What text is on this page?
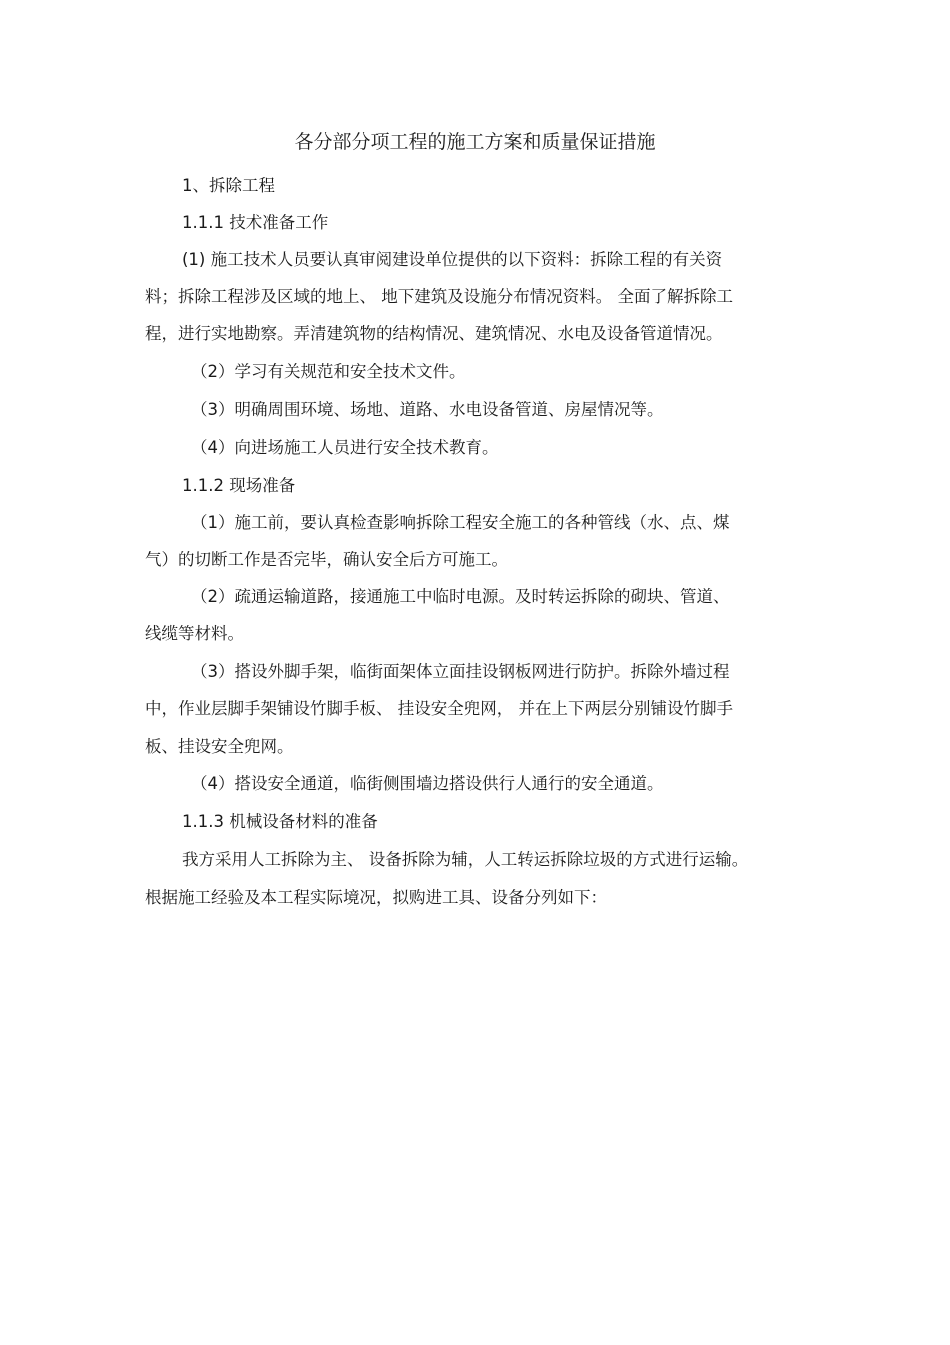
各分部分项工程的施工方案和质量保证措施
1、拆除工程
1.1.1 技术准备工作
(1) 施工技术人员要认真审阅建设单位提供的以下资料：拆除工程的有关资
料；拆除工程涉及区域的地上、 地下建筑及设施分布情况资料。 全面了解拆除工
程，进行实地勘察。弄清建筑物的结构情况、建筑情况、水电及设备管道情况。
（2）学习有关规范和安全技术文件。
（3）明确周围环境、场地、道路、水电设备管道、房屋情况等。
（4）向进场施工人员进行安全技术教育。
1.1.2 现场准备
（1）施工前，要认真检查影响拆除工程安全施工的各种管线（水、点、煤
气）的切断工作是否完毕，确认安全后方可施工。
（2）疏通运输道路，接通施工中临时电源。及时转运拆除的砌块、管道、
线缆等材料。
（3）搭设外脚手架，临街面架体立面挂设钢板网进行防护。拆除外墙过程
中，作业层脚手架铺设竹脚手板、 挂设安全兜网， 并在上下两层分别铺设竹脚手
板、挂设安全兜网。
（4）搭设安全通道，临街侧围墙边搭设供行人通行的安全通道。
1.1.3 机械设备材料的准备
我方采用人工拆除为主、 设备拆除为辅，人工转运拆除垃圾的方式进行运输。
根据施工经验及本工程实际境况，拟购进工具、设备分列如下：
